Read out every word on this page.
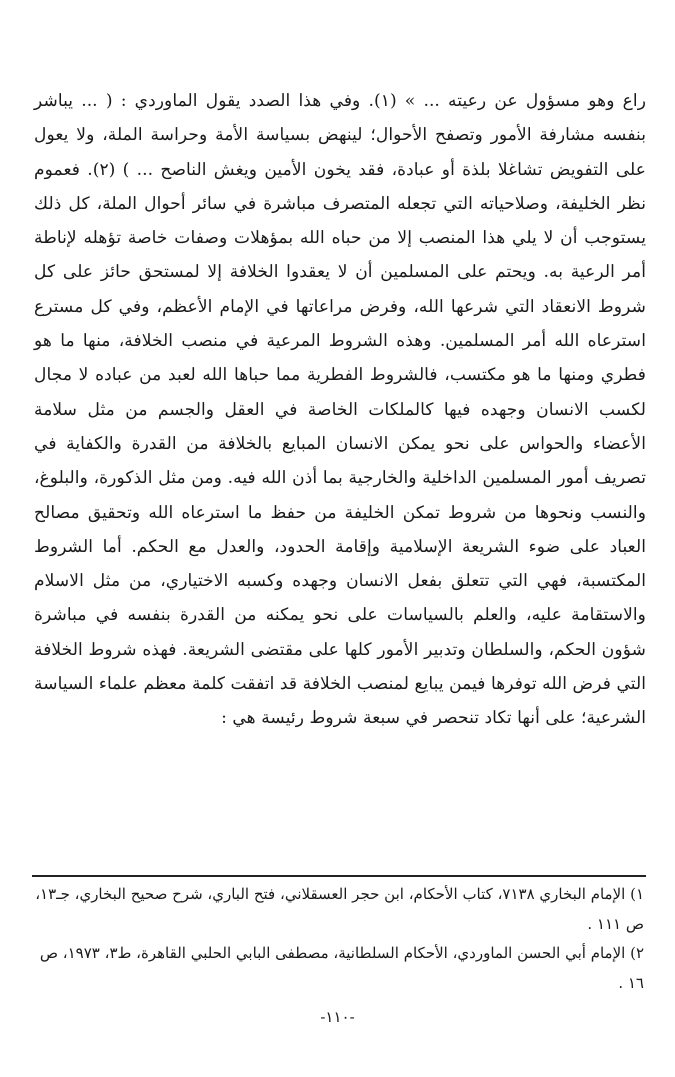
راع وهو مسؤول عن رعيته ... » (١). وفي هذا الصدد يقول الماوردي : ( ... يباشر بنفسه مشارفة الأمور وتصفح الأحوال؛ لينهض بسياسة الأمة وحراسة الملة، ولا يعول على التفويض تشاغلا بلذة أو عبادة، فقد يخون الأمين ويغش الناصح ... ) (٢). فعموم نظر الخليفة، وصلاحياته التي تجعله المتصرف مباشرة في سائر أحوال الملة، كل ذلك يستوجب أن لا يلي هذا المنصب إلا من حباه الله بمؤهلات وصفات خاصة تؤهله لإناطة أمر الرعية به. ويحتم على المسلمين أن لا يعقدوا الخلافة إلا لمستحق حائز على كل شروط الانعقاد التي شرعها الله، وفرض مراعاتها في الإمام الأعظم، وفي كل مسترع استرعاه الله أمر المسلمين. وهذه الشروط المرعية في منصب الخلافة، منها ما هو فطري ومنها ما هو مكتسب، فالشروط الفطرية مما حباها الله لعبد من عباده لا مجال لكسب الانسان وجهده فيها كالملكات الخاصة في العقل والجسم من مثل سلامة الأعضاء والحواس على نحو يمكن الانسان المبايع بالخلافة من القدرة والكفاية في تصريف أمور المسلمين الداخلية والخارجية بما أذن الله فيه. ومن مثل الذكورة، والبلوغ، والنسب ونحوها من شروط تمكن الخليفة من حفظ ما استرعاه الله وتحقيق مصالح العباد على ضوء الشريعة الإسلامية وإقامة الحدود، والعدل مع الحكم. أما الشروط المكتسبة، فهي التي تتعلق بفعل الانسان وجهده وكسبه الاختياري، من مثل الاسلام والاستقامة عليه، والعلم بالسياسات على نحو يمكنه من القدرة بنفسه في مباشرة شؤون الحكم، والسلطان وتدبير الأمور كلها على مقتضى الشريعة. فهذه شروط الخلافة التي فرض الله توفرها فيمن يبايع لمنصب الخلافة قد اتفقت كلمة معظم علماء السياسة الشرعية؛ على أنها تكاد تنحصر في سبعة شروط رئيسة هي :

١) الإمام البخاري ٧١٣٨، كتاب الأحكام، ابن حجر العسقلاني، فتح الباري، شرح صحيح البخاري، جـ١٣، ص ١١١ .

٢) الإمام أبي الحسن الماوردي، الأحكام السلطانية، مصطفى البابي الحلبي القاهرة، ط٣، ١٩٧٣، ص ١٦ .

-١١٠-
